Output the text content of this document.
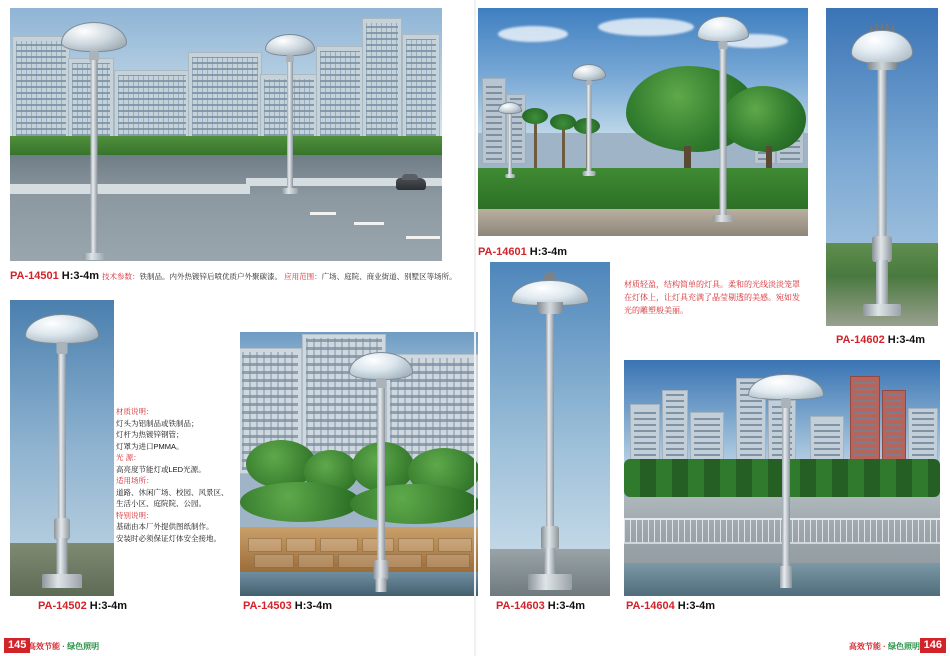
PA-14501 H:3-4m 技术参数：铁制品。内外热镀锌后喷优质户外聚碳漆。 应用范围：广场、庭院、商业街道、别墅区等场所。
PA-14601 H:3-4m
材质轻盈，结构简单的灯具。柔和的光线淡淡笼罩
在灯体上，让灯具充满了晶莹剔透的美感。宛如发
光的雕塑般美丽。
PA-14602 H:3-4m
材质说明：
灯头为铝制品或铁制品；
灯杆为热镀锌钢管；
灯罩为进口PMMA。
光 源：
高亮度节能灯或LED光源。
适用场所：
道路、休闲广场、校园、风景区、
生活小区、庭院院、公园。
特别说明：
基础由本厂外提供图纸制作。
安装时必须保证灯体安全接地。
PA-14502 H:3-4m	PA-14503 H:3-4m	PA-14603 H:3-4m	PA-14604 H:3-4m
145 高效节能 · 绿色照明	146
高效节能 · 绿色照明
